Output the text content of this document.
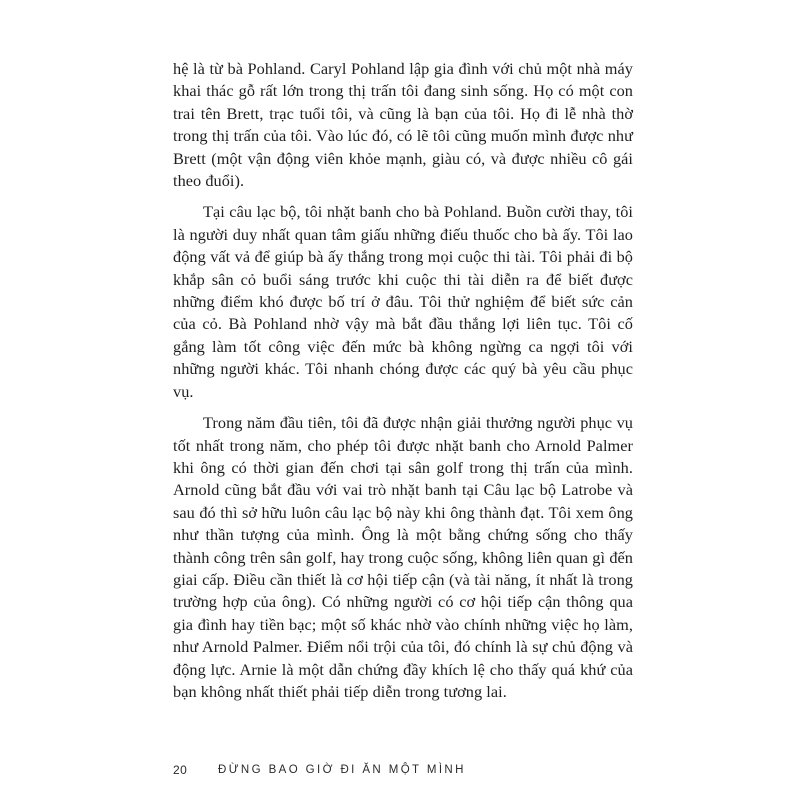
hệ là từ bà Pohland. Caryl Pohland lập gia đình với chủ một nhà máy khai thác gỗ rất lớn trong thị trấn tôi đang sinh sống. Họ có một con trai tên Brett, trạc tuổi tôi, và cũng là bạn của tôi. Họ đi lễ nhà thờ trong thị trấn của tôi. Vào lúc đó, có lẽ tôi cũng muốn mình được như Brett (một vận động viên khỏe mạnh, giàu có, và được nhiều cô gái theo đuổi).

Tại câu lạc bộ, tôi nhặt banh cho bà Pohland. Buồn cười thay, tôi là người duy nhất quan tâm giấu những điếu thuốc cho bà ấy. Tôi lao động vất vả để giúp bà ấy thắng trong mọi cuộc thi tài. Tôi phải đi bộ khắp sân cỏ buổi sáng trước khi cuộc thi tài diễn ra để biết được những điểm khó được bố trí ở đâu. Tôi thử nghiệm để biết sức cản của cỏ. Bà Pohland nhờ vậy mà bắt đầu thắng lợi liên tục. Tôi cố gắng làm tốt công việc đến mức bà không ngừng ca ngợi tôi với những người khác. Tôi nhanh chóng được các quý bà yêu cầu phục vụ.

Trong năm đầu tiên, tôi đã được nhận giải thưởng người phục vụ tốt nhất trong năm, cho phép tôi được nhặt banh cho Arnold Palmer khi ông có thời gian đến chơi tại sân golf trong thị trấn của mình. Arnold cũng bắt đầu với vai trò nhặt banh tại Câu lạc bộ Latrobe và sau đó thì sở hữu luôn câu lạc bộ này khi ông thành đạt. Tôi xem ông như thần tượng của mình. Ông là một bằng chứng sống cho thấy thành công trên sân golf, hay trong cuộc sống, không liên quan gì đến giai cấp. Điều cần thiết là cơ hội tiếp cận (và tài năng, ít nhất là trong trường hợp của ông). Có những người có cơ hội tiếp cận thông qua gia đình hay tiền bạc; một số khác nhờ vào chính những việc họ làm, như Arnold Palmer. Điểm nổi trội của tôi, đó chính là sự chủ động và động lực. Arnie là một dẫn chứng đầy khích lệ cho thấy quá khứ của bạn không nhất thiết phải tiếp diễn trong tương lai.

20	ĐỪNG BAO GIỜ ĐI ĂN MỘT MÌNH
